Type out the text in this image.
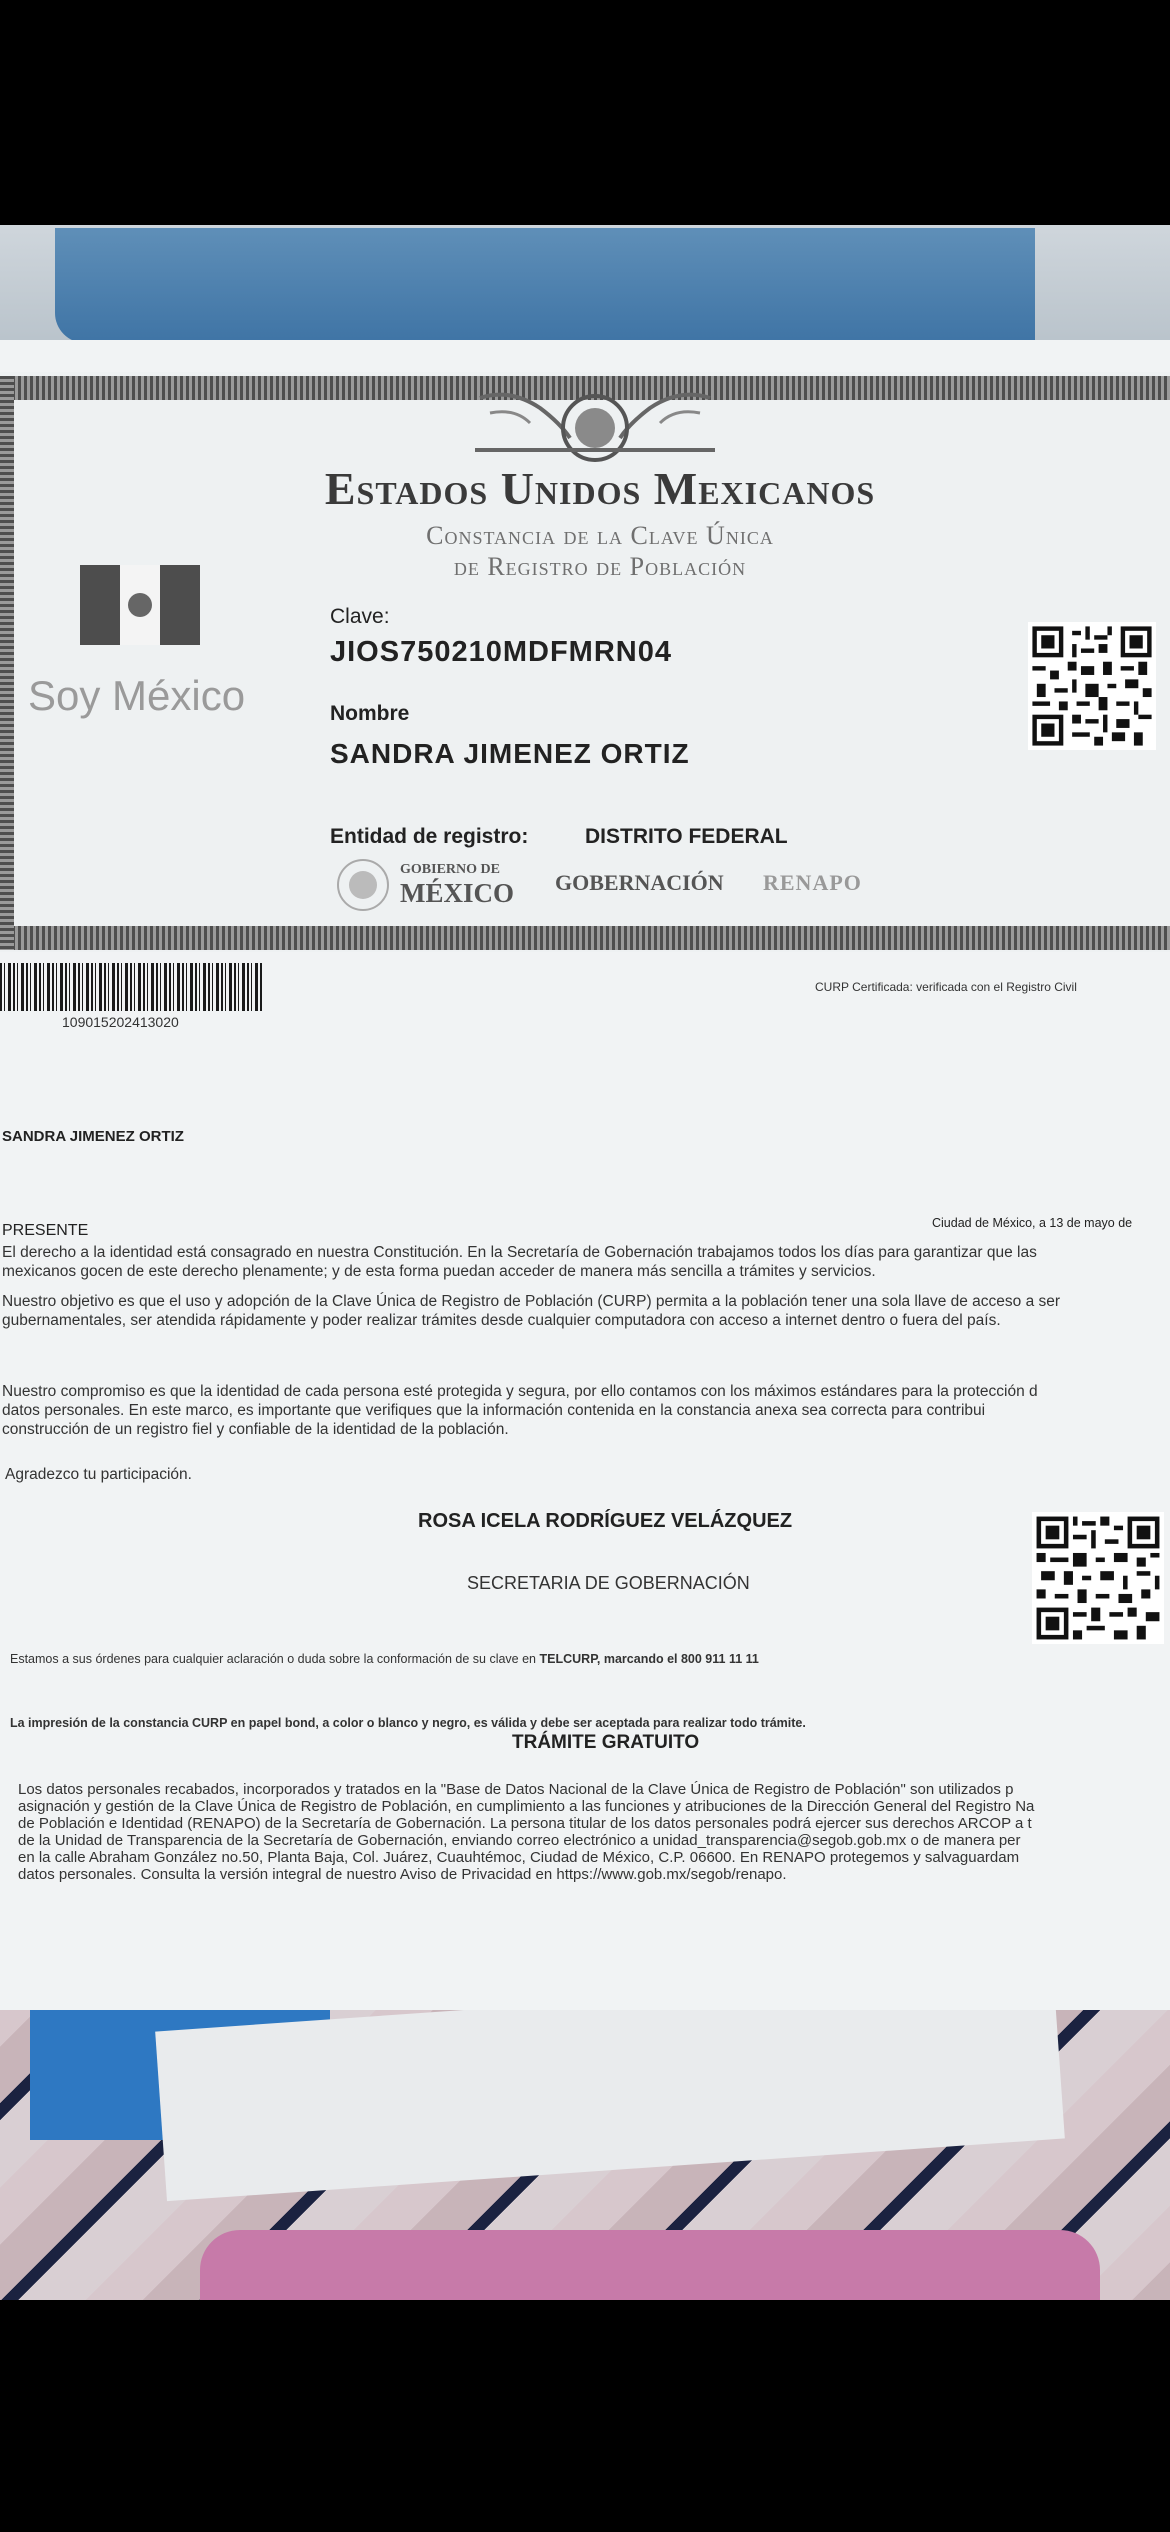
Estados Unidos Mexicanos
Constancia de la Clave Única
de Registro de Población
Soy México
Clave:
JIOS750210MDFMRN04
Nombre
SANDRA JIMENEZ ORTIZ
Entidad de registro:	DISTRITO FEDERAL
GOBIERNO DE
MÉXICO GOBERNACIÓN RENAPO
109015202413020
CURP Certificada: verificada con el Registro Civil
SANDRA JIMENEZ ORTIZ
PRESENTE	Ciudad de México, a 13 de mayo de
El derecho a la identidad está consagrado en nuestra Constitución. En la Secretaría de Gobernación trabajamos todos los días para garantizar que las
mexicanos gocen de este derecho plenamente; y de esta forma puedan acceder de manera más sencilla a trámites y servicios.
Nuestro objetivo es que el uso y adopción de la Clave Única de Registro de Población (CURP) permita a la población tener una sola llave de acceso a ser
gubernamentales, ser atendida rápidamente y poder realizar trámites desde cualquier computadora con acceso a internet dentro o fuera del país.
Nuestro compromiso es que la identidad de cada persona esté protegida y segura, por ello contamos con los máximos estándares para la protección d
datos personales. En este marco, es importante que verifiques que la información contenida en la constancia anexa sea correcta para contribui
construcción de un registro fiel y confiable de la identidad de la población.
Agradezco tu participación.
ROSA ICELA RODRÍGUEZ VELÁZQUEZ
SECRETARIA DE GOBERNACIÓN
Estamos a sus órdenes para cualquier aclaración o duda sobre la conformación de su clave en TELCURP, marcando el 800 911 11 11
La impresión de la constancia CURP en papel bond, a color o blanco y negro, es válida y debe ser aceptada para realizar todo trámite.
TRÁMITE GRATUITO
Los datos personales recabados, incorporados y tratados en la "Base de Datos Nacional de la Clave Única de Registro de Población" son utilizados p
asignación y gestión de la Clave Única de Registro de Población, en cumplimiento a las funciones y atribuciones de la Dirección General del Registro Na
de Población e Identidad (RENAPO) de la Secretaría de Gobernación. La persona titular de los datos personales podrá ejercer sus derechos ARCOP a t
de la Unidad de Transparencia de la Secretaría de Gobernación, enviando correo electrónico a unidad_transparencia@segob.gob.mx o de manera per
en la calle Abraham González no.50, Planta Baja, Col. Juárez, Cuauhtémoc, Ciudad de México, C.P. 06600. En RENAPO protegemos y salvaguardam
datos personales. Consulta la versión integral de nuestro Aviso de Privacidad en https://www.gob.mx/segob/renapo.
